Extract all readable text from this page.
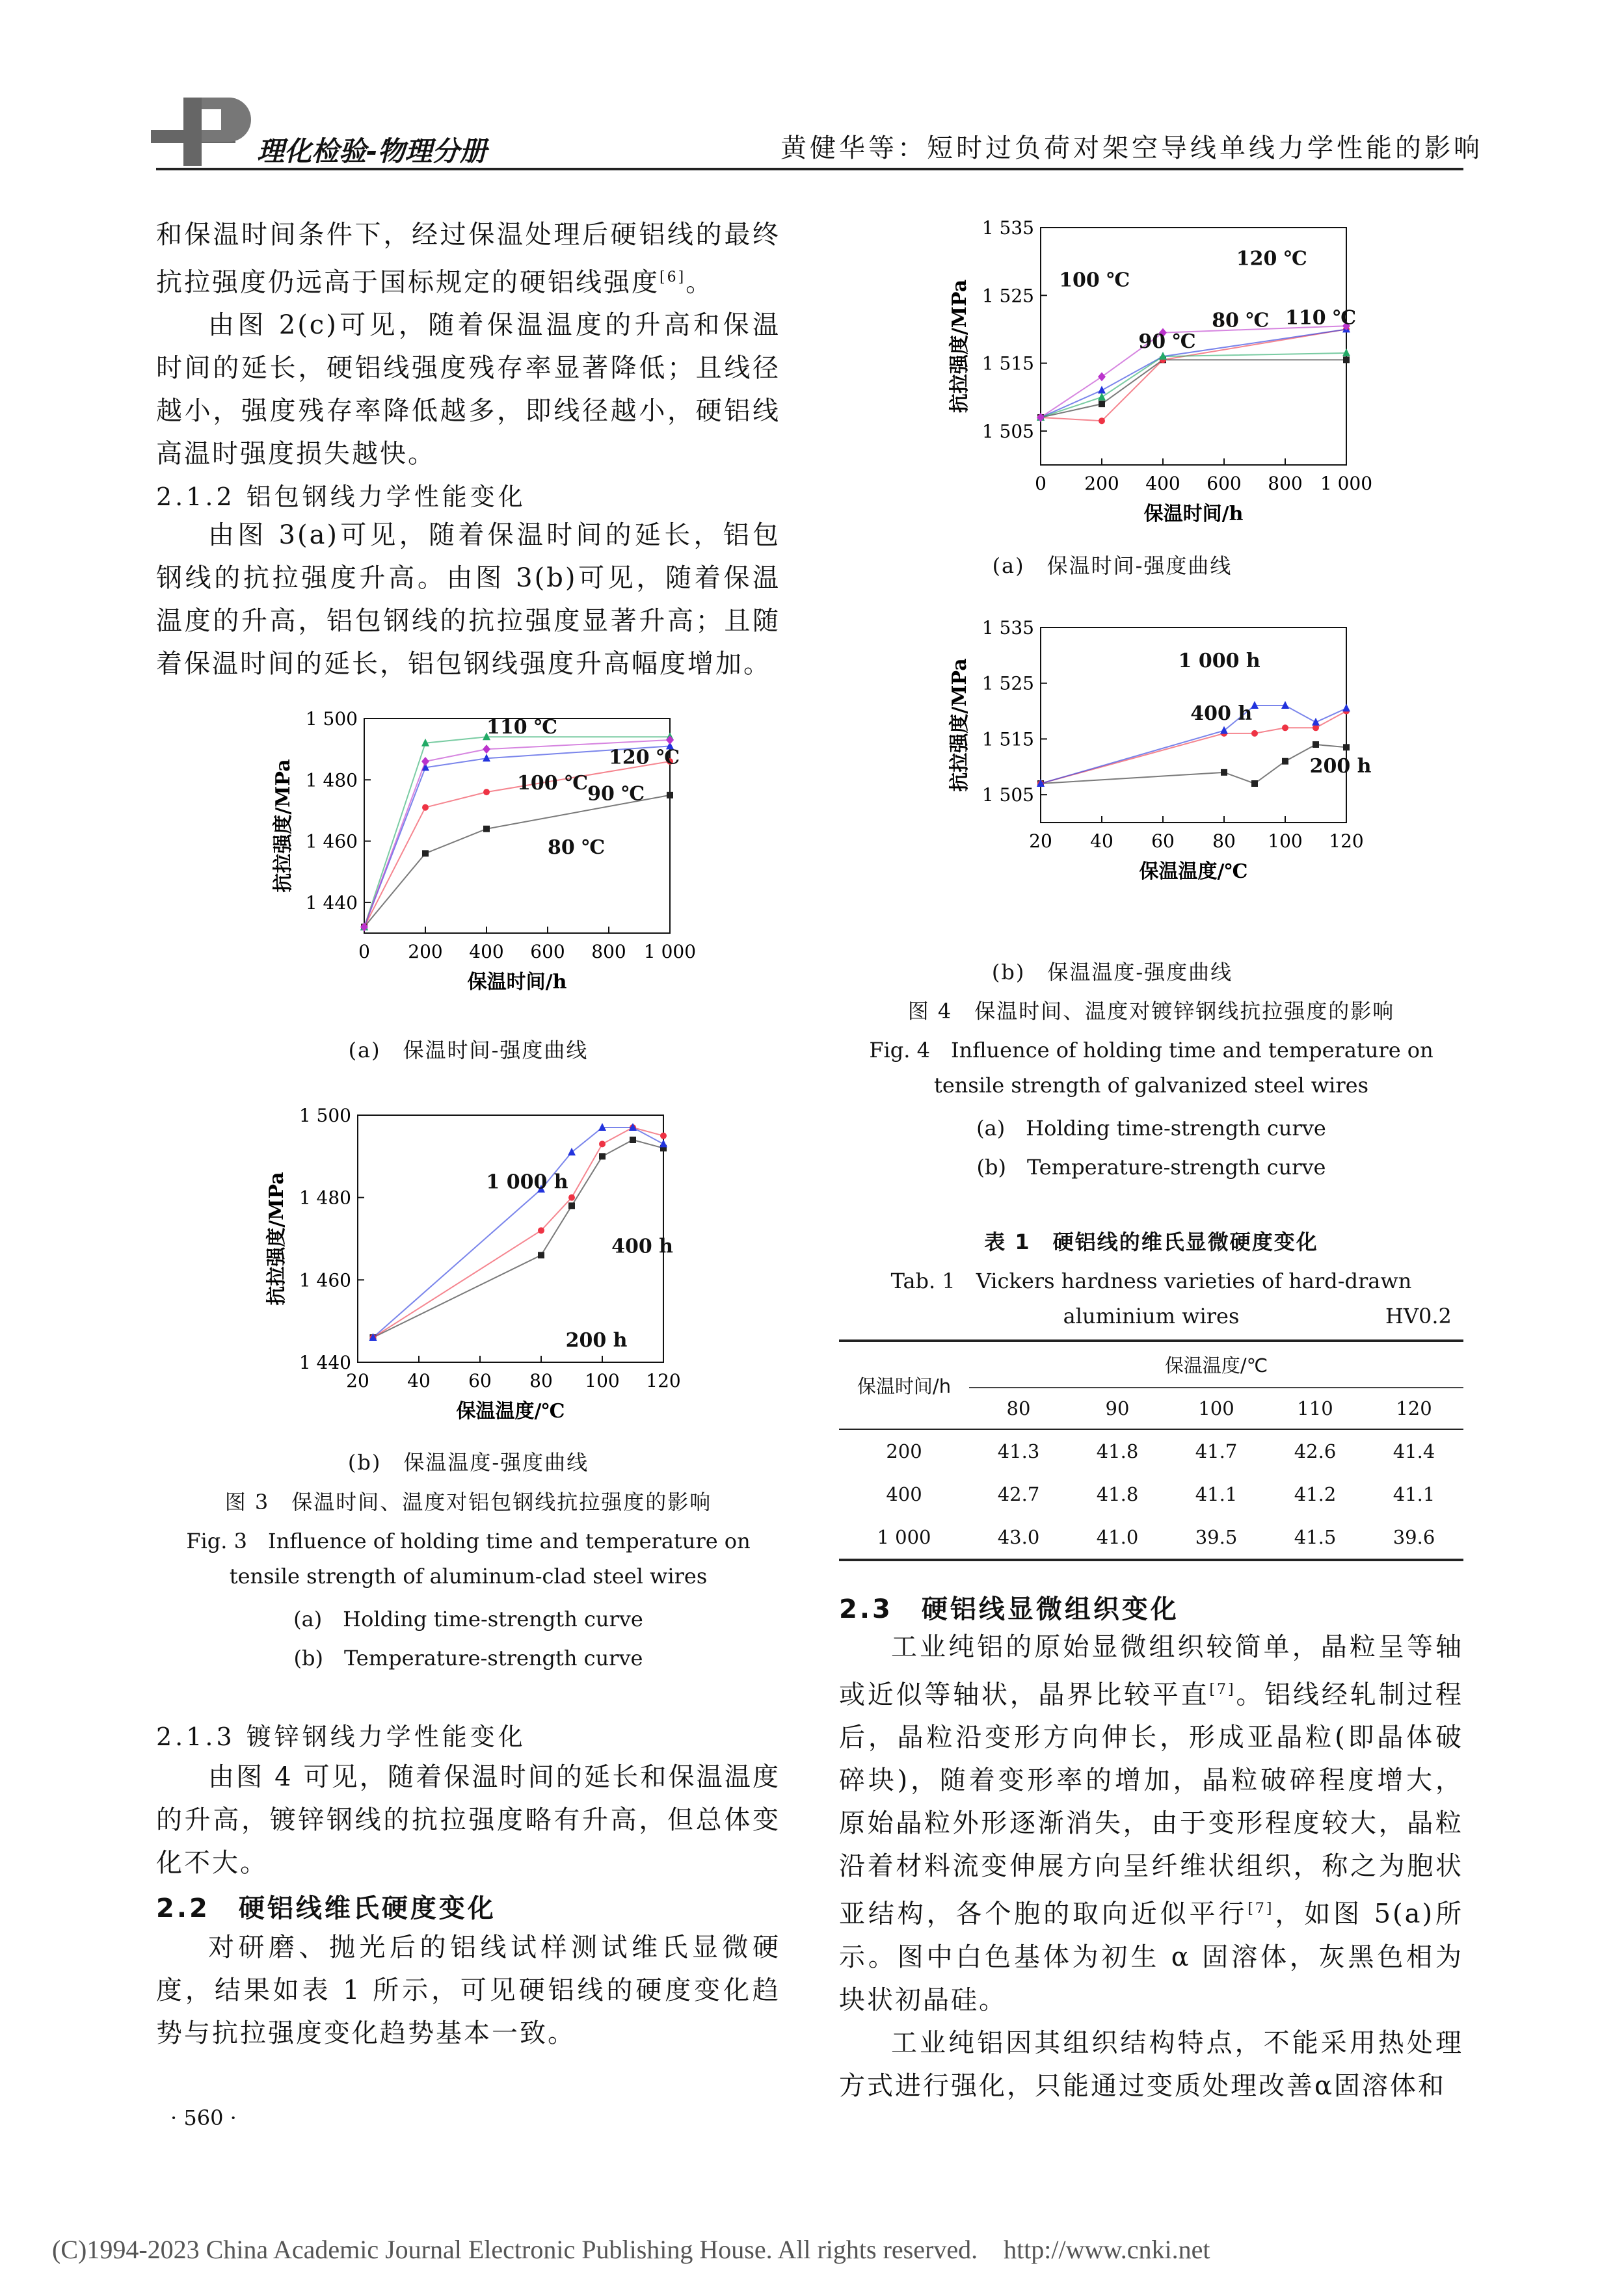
理化检验-物理分册	黄健华等：短时过负荷对架空导线单线力学性能的影响

和保温时间条件下，经过保温处理后硬铝线的最终抗拉强度仍远高于国标规定的硬铝线强度[6]。

由图 2(c)可见，随着保温温度的升高和保温时间的延长，硬铝线强度残存率显著降低；且线径越小，强度残存率降低越多，即线径越小，硬铝线高温时强度损失越快。

2.1.2 铝包钢线力学性能变化

由图 3(a)可见，随着保温时间的延长，铝包钢线的抗拉强度升高。由图 3(b)可见，随着保温温度的升高，铝包钢线的抗拉强度显著升高；且随着保温时间的延长，铝包钢线强度升高幅度增加。

1 440
1 460
1 480
1 500
0 200 400 600 800 1 000
保温时间/h
抗拉强度/MPa
110 ℃
100 ℃
120 ℃
90 ℃
80 ℃
(a)　保温时间-强度曲线
1 440
1 460
1 480
1 500
20 40 60 80 100 120
保温温度/℃
抗拉强度/MPa	1 000 h
400 h
200 h
(b)　保温温度-强度曲线
图 3　保温时间、温度对铝包钢线抗拉强度的影响
Fig. 3　Influence of holding time and temperature on
tensile strength of aluminum-clad steel wires
(a)　Holding time-strength curve
(b)　Temperature-strength curve
2.1.3 镀锌钢线力学性能变化

由图 4 可见，随着保温时间的延长和保温温度的升高，镀锌钢线的抗拉强度略有升高，但总体变化不大。

2.2　硬铝线维氏硬度变化

对研磨、抛光后的铝线试样测试维氏显微硬度，结果如表 1 所示，可见硬铝线的硬度变化趋势与抗拉强度变化趋势基本一致。

· 560 ·
1 505
1 515
1 525
1 535
0 200 400 600 800 1 000
保温时间/h
抗拉强度/MPa
120 ℃
100 ℃
80 ℃ 110 ℃
90 ℃
(a)　保温时间-强度曲线
1 505
1 515
1 525
1 535
20 40 60 80 100 120
保温温度/℃
抗拉强度/MPa	1 000 h
400 h
200 h
(b)　保温温度-强度曲线
图 4　保温时间、温度对镀锌钢线抗拉强度的影响
Fig. 4　Influence of holding time and temperature on
tensile strength of galvanized steel wires
(a)　Holding time-strength curve
(b)　Temperature-strength curve
表 1　硬铝线的维氏显微硬度变化
Tab. 1　Vickers hardness varieties of hard-drawn
aluminium wires	HV0.2
保温时间/h	保温温度/℃				
	80	90	100	110	120
200	41.3	41.8	41.7	42.6	41.4
400	42.7	41.8	41.1	41.2	41.1
1 000	43.0	41.0	39.5	41.5	39.6
2.3　硬铝线显微组织变化

工业纯铝的原始显微组织较简单，晶粒呈等轴或近似等轴状，晶界比较平直[7]。铝线经轧制过程后，晶粒沿变形方向伸长，形成亚晶粒(即晶体破碎块)，随着变形率的增加，晶粒破碎程度增大，原始晶粒外形逐渐消失，由于变形程度较大，晶粒沿着材料流变伸展方向呈纤维状组织，称之为胞状亚结构，各个胞的取向近似平行[7]，如图 5(a)所示。图中白色基体为初生 α 固溶体，灰黑色相为块状初晶硅。

工业纯铝因其组织结构特点，不能采用热处理方式进行强化，只能通过变质处理改善α固溶体和

(C)1994-2023 China Academic Journal Electronic Publishing House. All rights reserved.　http://www.cnki.net
